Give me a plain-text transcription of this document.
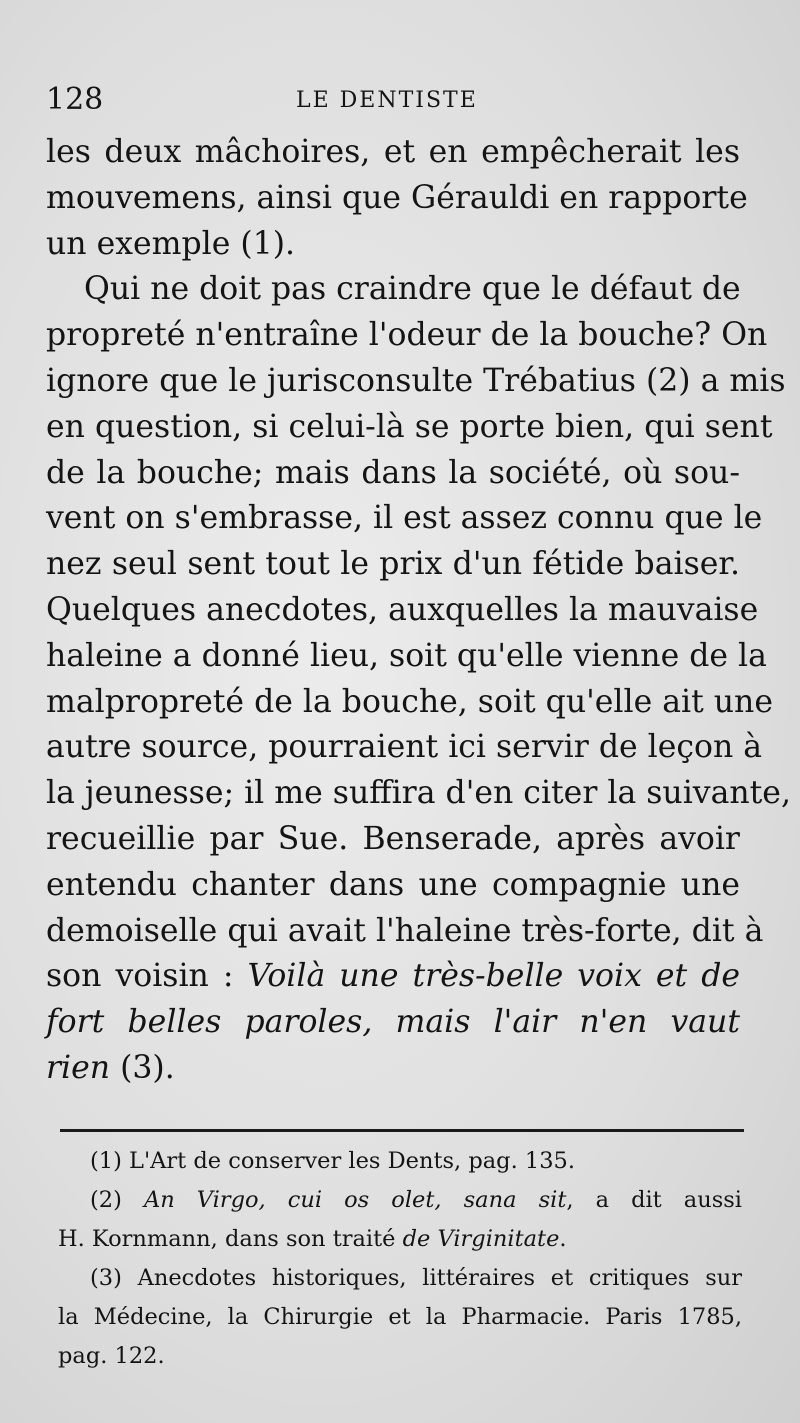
128	LE DENTISTE
les deux mâchoires, et en empêcherait les
mouvemens, ainsi que Gérauldi en rapporte
un exemple (1).
Qui ne doit pas craindre que le défaut de
propreté n'entraîne l'odeur de la bouche? On
ignore que le jurisconsulte Trébatius (2) a mis
en question, si celui-là se porte bien, qui sent
de la bouche; mais dans la société, où sou-
vent on s'embrasse, il est assez connu que le
nez seul sent tout le prix d'un fétide baiser.
Quelques anecdotes, auxquelles la mauvaise
haleine a donné lieu, soit qu'elle vienne de la
malpropreté de la bouche, soit qu'elle ait une
autre source, pourraient ici servir de leçon à
la jeunesse; il me suffira d'en citer la suivante,
recueillie par Sue. Benserade, après avoir
entendu chanter dans une compagnie une
demoiselle qui avait l'haleine très-forte, dit à
son voisin : Voilà une très-belle voix et de
fort belles paroles, mais l'air n'en vaut
rien (3).
(1) L'Art de conserver les Dents, pag. 135.
(2) An Virgo, cui os olet, sana sit, a dit aussi
H. Kornmann, dans son traité de Virginitate.
(3) Anecdotes historiques, littéraires et critiques sur
la Médecine, la Chirurgie et la Pharmacie. Paris 1785,
pag. 122.
